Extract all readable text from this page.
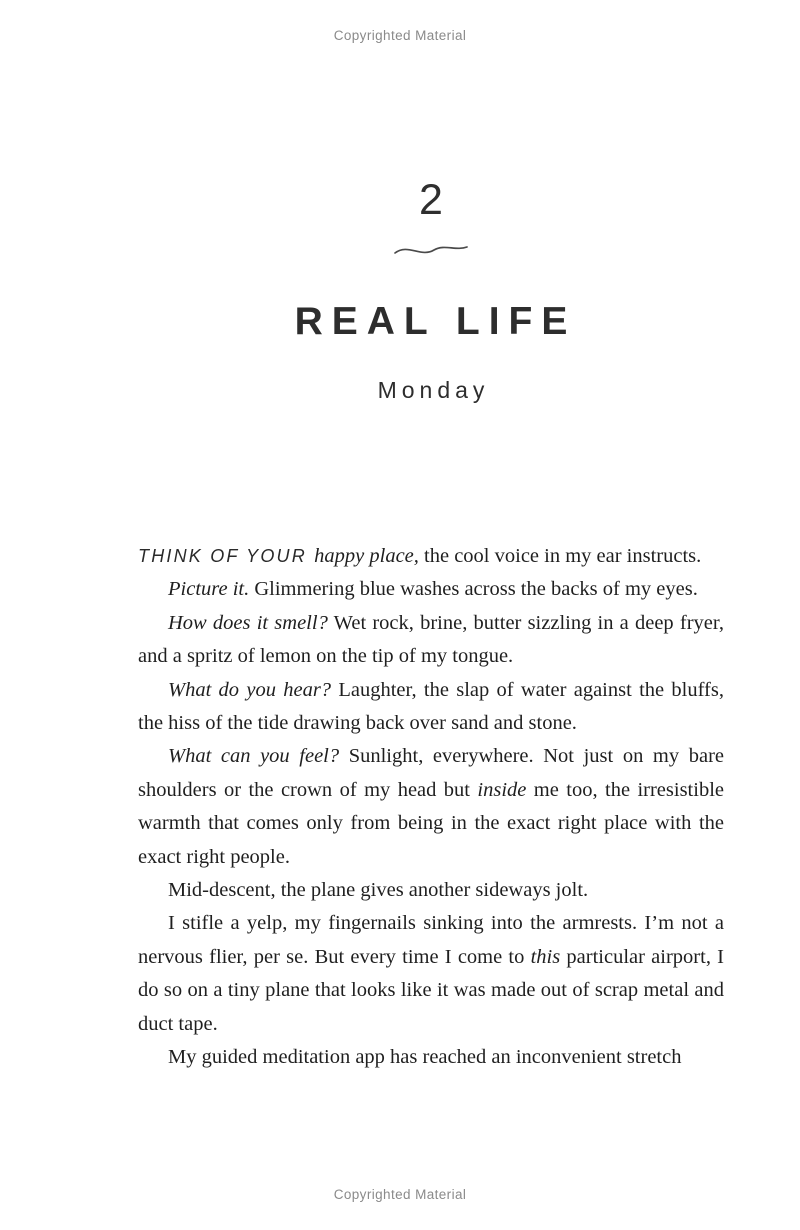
Copyrighted Material
2
REAL LIFE
Monday

THINK OF YOUR happy place, the cool voice in my ear instructs.

Picture it. Glimmering blue washes across the backs of my eyes.

How does it smell? Wet rock, brine, butter sizzling in a deep fryer, and a spritz of lemon on the tip of my tongue.

What do you hear? Laughter, the slap of water against the bluffs, the hiss of the tide drawing back over sand and stone.

What can you feel? Sunlight, everywhere. Not just on my bare shoulders or the crown of my head but inside me too, the irresistible warmth that comes only from being in the exact right place with the exact right people.

Mid-descent, the plane gives another sideways jolt.

I stifle a yelp, my fingernails sinking into the armrests. I’m not a nervous flier, per se. But every time I come to this particular airport, I do so on a tiny plane that looks like it was made out of scrap metal and duct tape.

My guided meditation app has reached an inconvenient stretch

Copyrighted Material
